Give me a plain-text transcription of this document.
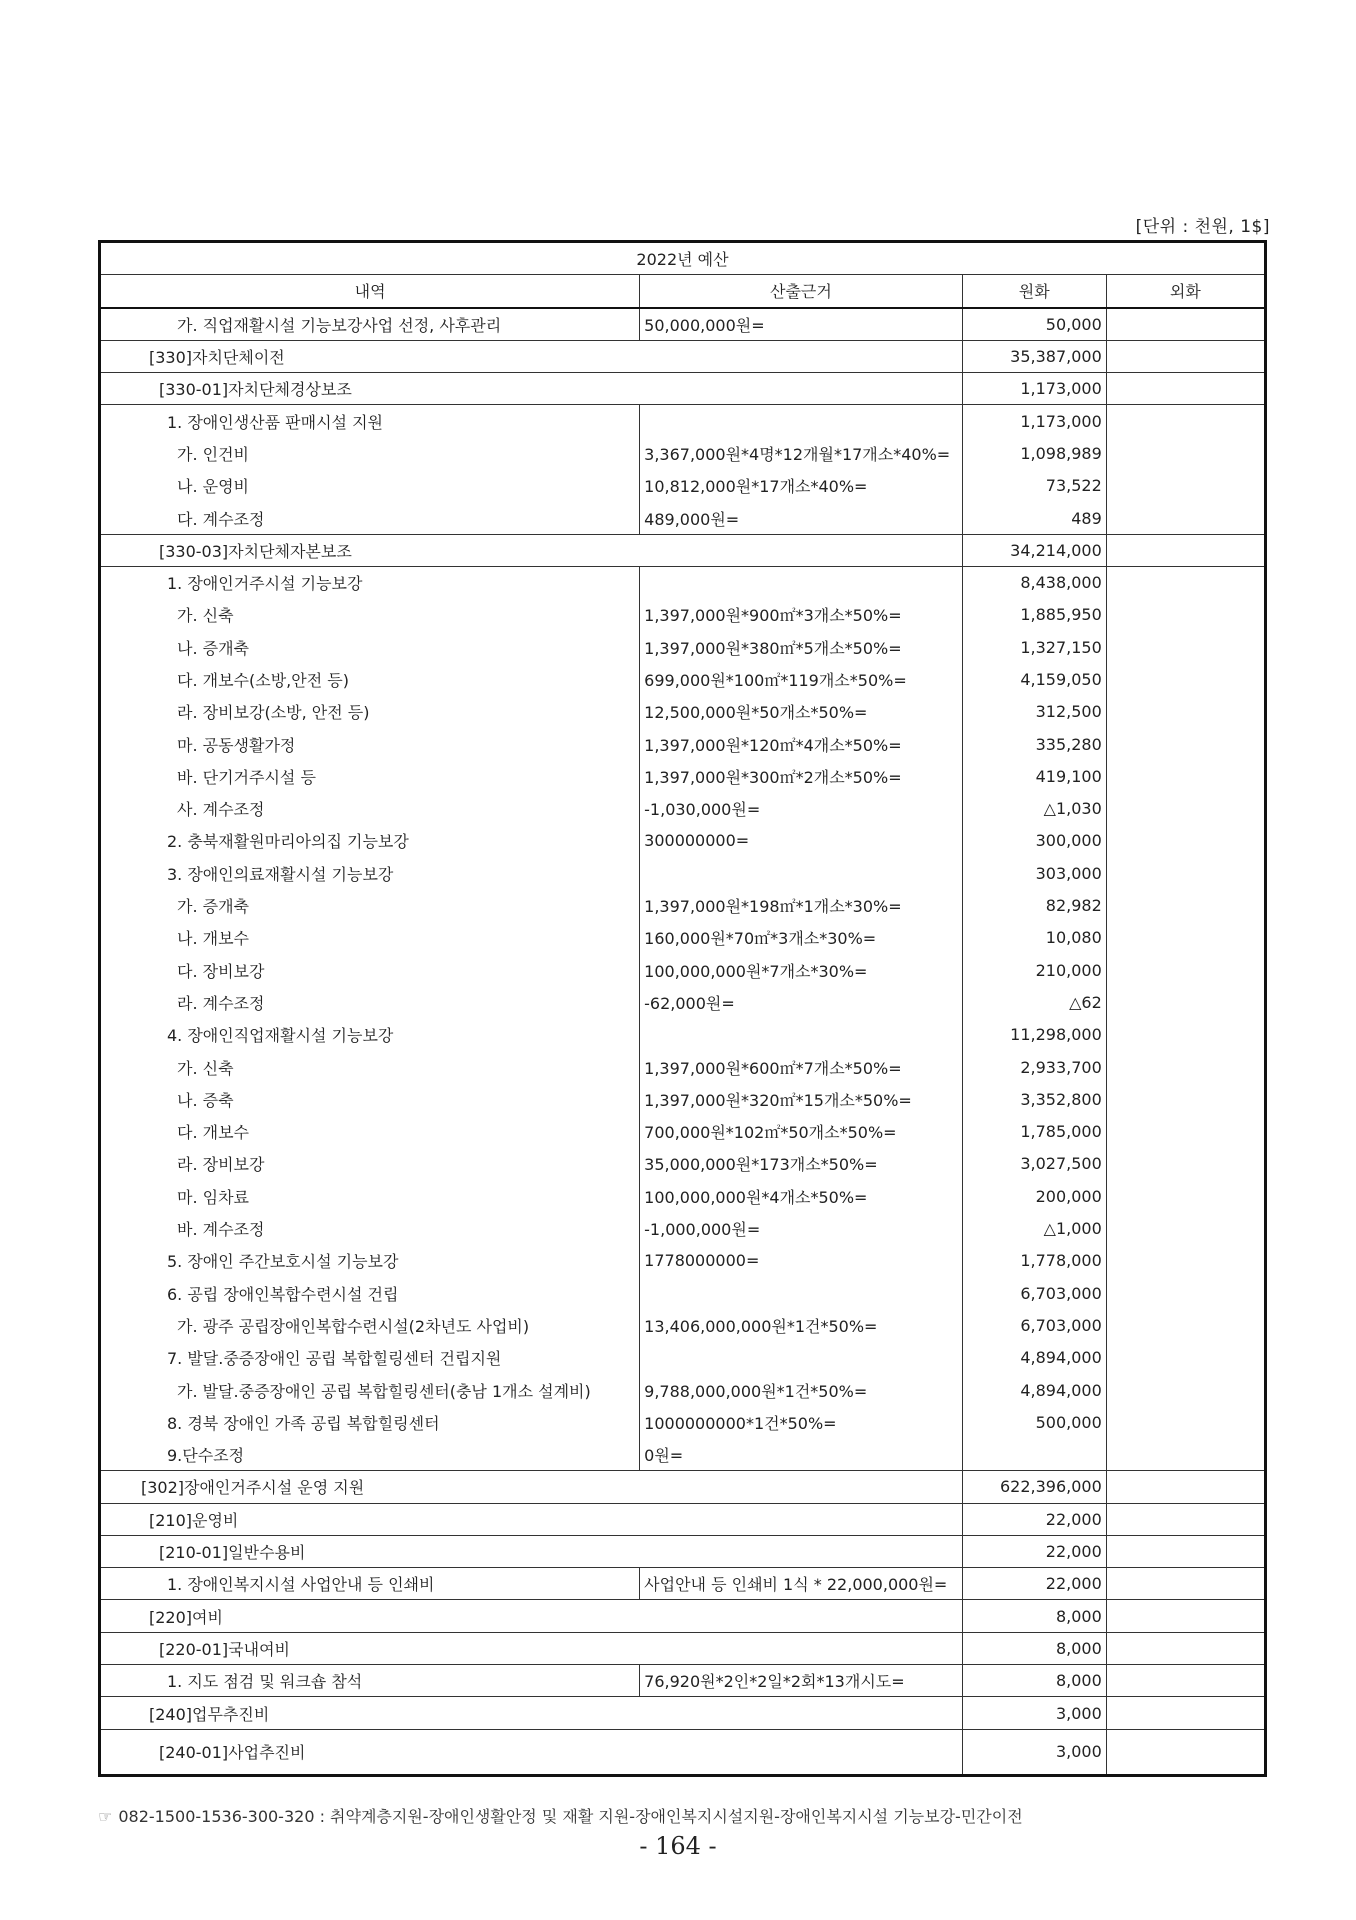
[단위 : 천원, 1$]
2022년 예산			
내역	산출근거	원화	외화
가. 직업재활시설 기능보강사업 선정, 사후관리	50,000,000원=	50,000	
[330]자치단체이전		35,387,000	
[330-01]자치단체경상보조		1,173,000	
1. 장애인생산품 판매시설 지원		1,173,000	
가. 인건비	3,367,000원*4명*12개월*17개소*40%=	1,098,989	
나. 운영비	10,812,000원*17개소*40%=	73,522	
다. 계수조정	489,000원=	489	
[330-03]자치단체자본보조		34,214,000	
1. 장애인거주시설 기능보강		8,438,000	
가. 신축	1,397,000원*900㎡*3개소*50%=	1,885,950	
나. 증개축	1,397,000원*380㎡*5개소*50%=	1,327,150	
다. 개보수(소방,안전 등)	699,000원*100㎡*119개소*50%=	4,159,050	
라. 장비보강(소방, 안전 등)	12,500,000원*50개소*50%=	312,500	
마. 공동생활가정	1,397,000원*120㎡*4개소*50%=	335,280	
바. 단기거주시설 등	1,397,000원*300㎡*2개소*50%=	419,100	
사. 계수조정	-1,030,000원=	△1,030	
2. 충북재활원마리아의집 기능보강	300000000=	300,000	
3. 장애인의료재활시설 기능보강		303,000	
가. 증개축	1,397,000원*198㎡*1개소*30%=	82,982	
나. 개보수	160,000원*70㎡*3개소*30%=	10,080	
다. 장비보강	100,000,000원*7개소*30%=	210,000	
라. 계수조정	-62,000원=	△62	
4. 장애인직업재활시설 기능보강		11,298,000	
가. 신축	1,397,000원*600㎡*7개소*50%=	2,933,700	
나. 증축	1,397,000원*320㎡*15개소*50%=	3,352,800	
다. 개보수	700,000원*102㎡*50개소*50%=	1,785,000	
라. 장비보강	35,000,000원*173개소*50%=	3,027,500	
마. 임차료	100,000,000원*4개소*50%=	200,000	
바. 계수조정	-1,000,000원=	△1,000	
5. 장애인 주간보호시설 기능보강	1778000000=	1,778,000	
6. 공립 장애인복합수련시설 건립		6,703,000	
가. 광주 공립장애인복합수련시설(2차년도 사업비)	13,406,000,000원*1건*50%=	6,703,000	
7. 발달.중증장애인 공립 복합힐링센터 건립지원		4,894,000	
가. 발달.중증장애인 공립 복합힐링센터(충남 1개소 설계비)	9,788,000,000원*1건*50%=	4,894,000	
8. 경북 장애인 가족 공립 복합힐링센터	1000000000*1건*50%=	500,000	
9.단수조정	0원=		
[302]장애인거주시설 운영 지원		622,396,000	
[210]운영비		22,000	
[210-01]일반수용비		22,000	
1. 장애인복지시설 사업안내 등 인쇄비	사업안내 등 인쇄비 1식 * 22,000,000원=	22,000	
[220]여비		8,000	
[220-01]국내여비		8,000	
1. 지도 점검 및 워크숍 참석	76,920원*2인*2일*2회*13개시도=	8,000	
[240]업무추진비		3,000	
[240-01]사업추진비		3,000	
☞ 082-1500-1536-300-320 : 취약계층지원-장애인생활안정 및 재활 지원-장애인복지시설지원-장애인복지시설 기능보강-민간이전
- 164 -
